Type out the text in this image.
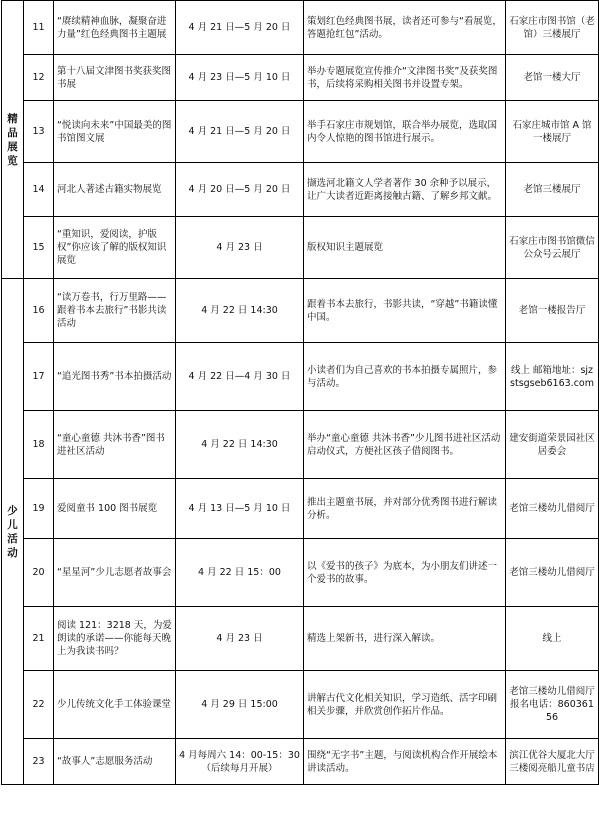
精品展览	11	“赓续精神血脉，凝聚奋进力量”红色经典图书主题展	4 月 21 日—5 月 20 日	策划红色经典图书展，读者还可参与“看展览，答题抢红包”活动。	石家庄市图书馆（老馆）三楼展厅
	12	第十八届文津图书奖获奖图书展	4 月 23 日—5 月 10 日	举办专题展览宣传推介“文津图书奖”及获奖图书，后续将采购相关图书并设置专架。	老馆一楼大厅
	13	“悦读向未来”中国最美的图书馆图文展	4 月 21 日—5 月 20 日	举手石家庄市规划馆，联合举办展览，选取国内令人惊艳的图书馆进行展示。	石家庄城市馆 A 馆一楼展厅
	14	河北人著述古籍实物展览	4 月 20 日—5 月 20 日	撷选河北籍文人学者著作 30 余种予以展示，让广大读者近距离接触古籍、了解乡邦文献。	老馆三楼展厅
	15	“重知识，爱阅读，护版权”你应该了解的版权知识展览	4 月 23 日	版权知识主题展览	石家庄市图书馆微信公众号云展厅
少儿活动	16	“读万卷书，行万里路——跟着书本去旅行”书影共读活动	4 月 22 日 14:30	跟着书本去旅行，书影共读，“穿越”书籍读懂中国。	老馆一楼报告厅
	17	“追光图书秀”书本拍摄活动	4 月 22 日—4 月 30 日	小读者们为自己喜欢的书本拍摄专属照片，参与活动。	线上 邮箱地址：sjzstsgseb6163.com
	18	“童心童德 共沐书香”图书进社区活动	4 月 22 日 14:30	举办“童心童德 共沐书香”少儿图书进社区活动启动仪式，方便社区孩子借阅图书。	建安街道荣景园社区居委会
	19	爱阅童书 100 图书展览	4 月 13 日—5 月 10 日	推出主题童书展，并对部分优秀图书进行解读分析。	老馆三楼幼儿借阅厅
	20	“星星河”少儿志愿者故事会	4 月 22 日 15：00	以《爱书的孩子》为底本，为小朋友们讲述一个爱书的故事。	老馆三楼幼儿借阅厅
	21	阅读 121：3218 天，为爱朗读的承诺——你能每天晚上为我读书吗？	4 月 23 日	精选上架新书，进行深入解读。	线上
	22	少儿传统文化手工体验课堂	4 月 29 日 15:00	讲解古代文化相关知识，学习造纸、活字印刷相关步骤，并欣赏创作拓片作品。	老馆三楼幼儿借阅厅 报名电话：86036156
	23	“故事人”志愿服务活动	4 月每周六 14：00-15：30（后续每月开展）	围绕“无字书”主题，与阅读机构合作开展绘本讲读活动。	滨江优谷大厦北大厅三楼阅亮船儿童书店
